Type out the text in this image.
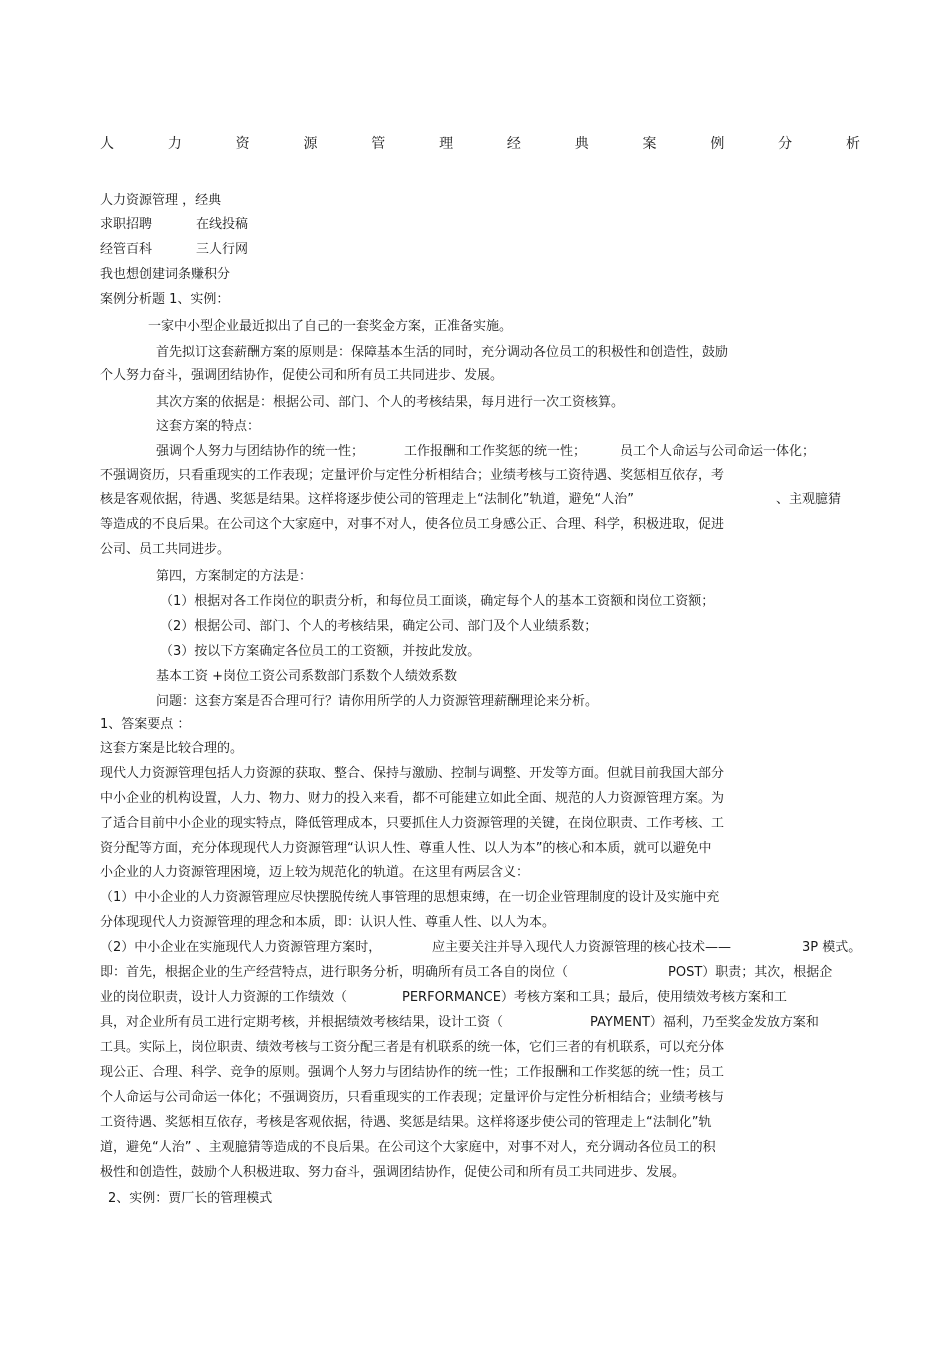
人	力	资	源	管	理	经	典	案	例	分	析
人力资源管理 ，经典
求职招聘	在线投稿
经管百科	三人行网
我也想创建词条赚积分
案例分析题 1、实例：
一家中小型企业最近拟出了自己的一套奖金方案，正准备实施。
首先拟订这套薪酬方案的原则是：保障基本生活的同时，充分调动各位员工的积极性和创造性，鼓励
个人努力奋斗，强调团结协作，促使公司和所有员工共同进步、发展。
其次方案的依据是：根据公司、部门、个人的考核结果，每月进行一次工资核算。
这套方案的特点：
强调个人努力与团结协作的统一性；	工作报酬和工作奖惩的统一性；	员工个人命运与公司命运一体化；
不强调资历，只看重现实的工作表现；定量评价与定性分析相结合；业绩考核与工资待遇、奖惩相互依存，考
核是客观依据，待遇、奖惩是结果。这样将逐步使公司的管理走上“法制化”轨道，避免“人治”	、主观臆猜
等造成的不良后果。在公司这个大家庭中，对事不对人，使各位员工身感公正、合理、科学，积极进取，促进
公司、员工共同进步。
第四，方案制定的方法是：
（1）根据对各工作岗位的职责分析，和每位员工面谈，确定每个人的基本工资额和岗位工资额；
（2）根据公司、部门、个人的考核结果，确定公司、部门及个人业绩系数；
（3）按以下方案确定各位员工的工资额，并按此发放。
基本工资 +岗位工资公司系数部门系数个人绩效系数
问题：这套方案是否合理可行？请你用所学的人力资源管理薪酬理论来分析。
1、答案要点 ：
这套方案是比较合理的。
现代人力资源管理包括人力资源的获取、整合、保持与激励、控制与调整、开发等方面。但就目前我国大部分
中小企业的机构设置，人力、物力、财力的投入来看，都不可能建立如此全面、规范的人力资源管理方案。为
了适合目前中小企业的现实特点，降低管理成本，只要抓住人力资源管理的关键，在岗位职责、工作考核、工
资分配等方面，充分体现现代人力资源管理“认识人性、尊重人性、以人为本”的核心和本质，就可以避免中
小企业的人力资源管理困境，迈上较为规范化的轨道。在这里有两层含义：
（1）中小企业的人力资源管理应尽快摆脱传统人事管理的思想束缚，在一切企业管理制度的设计及实施中充
分体现现代人力资源管理的理念和本质，即：认识人性、尊重人性、以人为本。
（2）中小企业在实施现代人力资源管理方案时，	应主要关注并导入现代人力资源管理的核心技术——	3P 模式。
即：首先，根据企业的生产经营特点，进行职务分析，明确所有员工各自的岗位（	POST）职责；其次，根据企
业的岗位职责，设计人力资源的工作绩效（	PERFORMANCE）考核方案和工具；最后，使用绩效考核方案和工
具，对企业所有员工进行定期考核，并根据绩效考核结果，设计工资（	PAYMENT）福利，乃至奖金发放方案和
工具。实际上，岗位职责、绩效考核与工资分配三者是有机联系的统一体，它们三者的有机联系，可以充分体
现公正、合理、科学、竞争的原则。强调个人努力与团结协作的统一性；工作报酬和工作奖惩的统一性；员工
个人命运与公司命运一体化；不强调资历，只看重现实的工作表现；定量评价与定性分析相结合；业绩考核与
工资待遇、奖惩相互依存，考核是客观依据，待遇、奖惩是结果。这样将逐步使公司的管理走上“法制化”轨
道，避免“人治” 、主观臆猜等造成的不良后果。在公司这个大家庭中，对事不对人，充分调动各位员工的积
极性和创造性，鼓励个人积极进取、努力奋斗，强调团结协作，促使公司和所有员工共同进步、发展。
2、实例：贾厂长的管理模式
